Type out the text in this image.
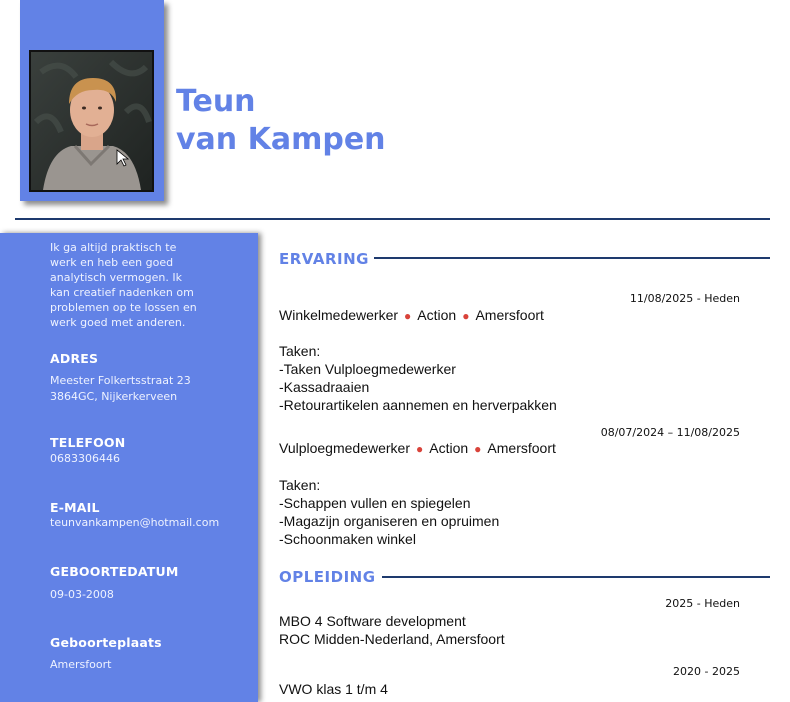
Teun
van Kampen
Ik ga altijd praktisch te werk en heb een goed analytisch vermogen. Ik kan creatief nadenken om problemen op te lossen en werk goed met anderen.
ADRES
Meester Folkertsstraat 23 3864GC, Nijkerkerveen
TELEFOON
0683306446
E-MAIL
teunvankampen@hotmail.com
GEBOORTEDATUM
09-03-2008
Geboorteplaats
Amersfoort
ERVARING
11/08/2025 - Heden
Winkelmedewerker ● Action ● Amersfoort
Taken:
-Taken Vulploegmedewerker
-Kassadraaien
-Retourartikelen aannemen en herverpakken
08/07/2024 – 11/08/2025
Vulploegmedewerker ● Action ● Amersfoort
Taken:
-Schappen vullen en spiegelen
-Magazijn organiseren en opruimen
-Schoonmaken winkel
OPLEIDING
2025 - Heden
MBO 4 Software development
ROC Midden-Nederland, Amersfoort
2020 - 2025
VWO klas 1 t/m 4
